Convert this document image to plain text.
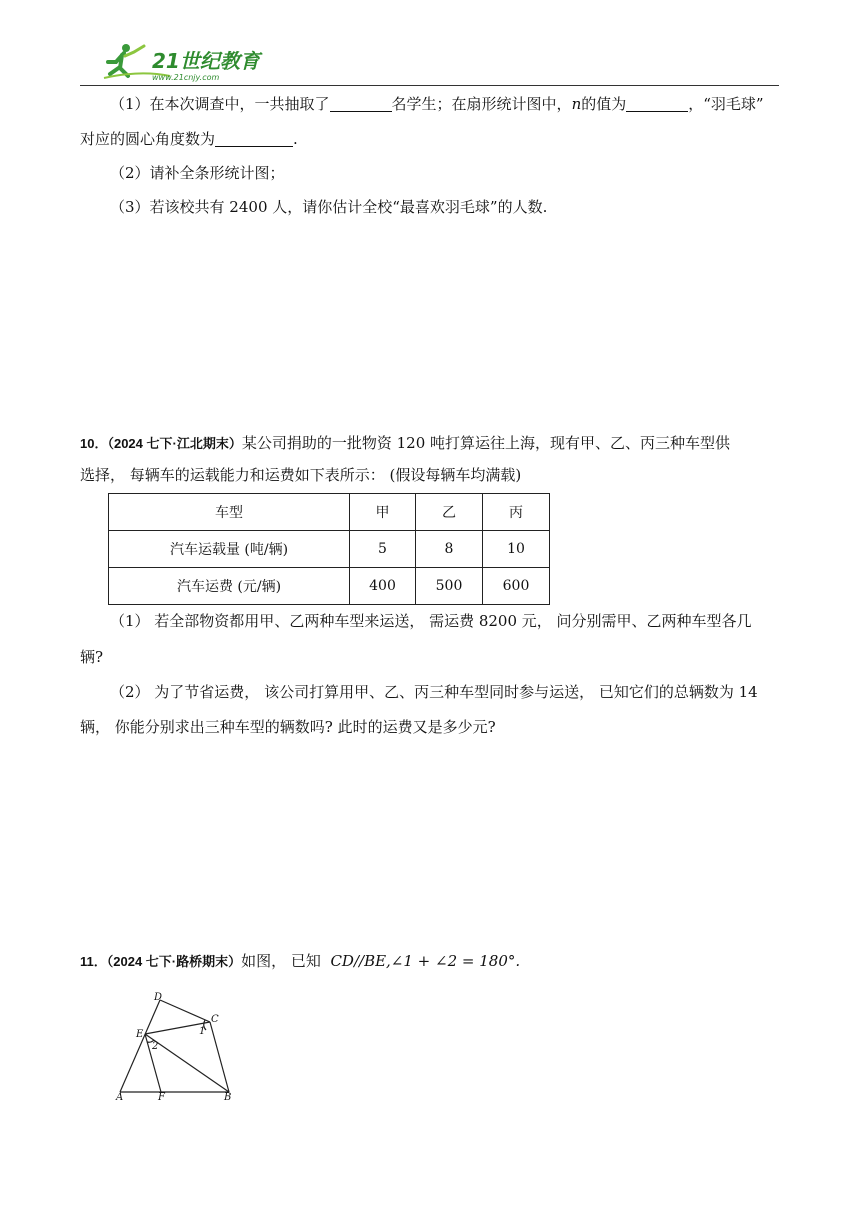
21世纪教育
www.21cnjy.com
（1）在本次调查中，一共抽取了	名学生；在扇形统计图中，n的值为	，“羽毛球”
对应的圆心角度数为	.
（2）请补全条形统计图；
（3）若该校共有 2400 人，请你估计全校“最喜欢羽毛球”的人数.
10．（2024 七下·江北期末）某公司捐助的一批物资 120 吨打算运往上海，现有甲、乙、丙三种车型供
选择， 每辆车的运载能力和运费如下表所示： (假设每辆车均满载)
车型	甲	乙	丙
汽车运载量 (吨/辆)	5	8	10
汽车运费 (元/辆)	400	500	600
（1） 若全部物资都用甲、乙两种车型来运送， 需运费 8200 元， 问分别需甲、乙两种车型各几
辆?
（2） 为了节省运费， 该公司打算用甲、乙、丙三种车型同时参与运送， 已知它们的总辆数为 14
辆， 你能分别求出三种车型的辆数吗? 此时的运费又是多少元?
11．（2024 七下·路桥期末）如图， 已知 CD//BE,∠1 + ∠2 = 180°.
D
C
E	1
2
A	F	B
